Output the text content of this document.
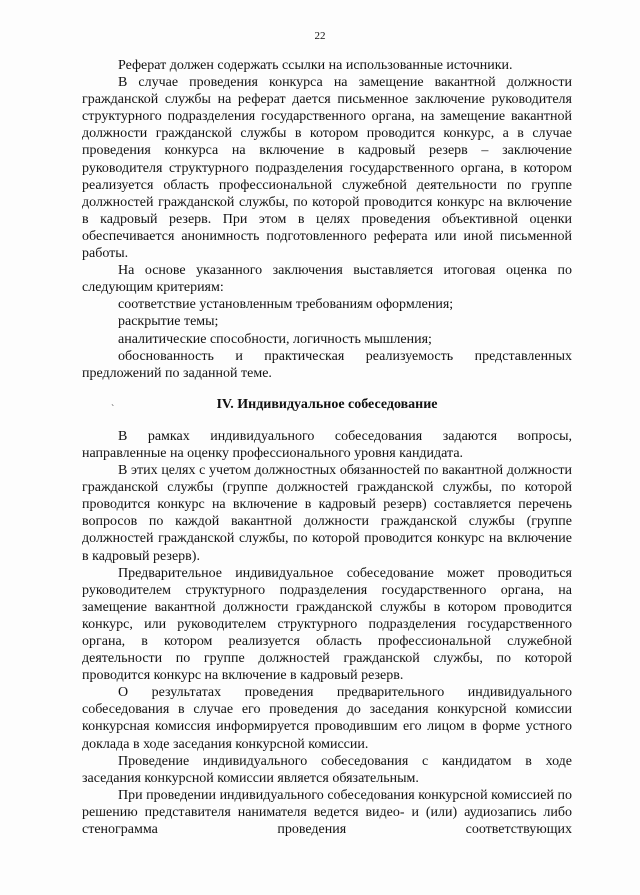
22
ˋ

Реферат должен содержать ссылки на использованные источники.

В случае проведения конкурса на замещение вакантной должности гражданской службы на реферат дается письменное заключение руководителя структурного подразделения государственного органа, на замещение вакантной должности гражданской службы в котором проводится конкурс, а в случае проведения конкурса на включение в кадровый резерв – заключение руководителя структурного подразделения государственного органа, в котором реализуется область профессиональной служебной деятельности по группе должностей гражданской службы, по которой проводится конкурс на включение в кадровый резерв. При этом в целях проведения объективной оценки обеспечивается анонимность подготовленного реферата или иной письменной работы.

На основе указанного заключения выставляется итоговая оценка по следующим критериям:

соответствие установленным требованиям оформления;

раскрытие темы;

аналитические способности, логичность мышления;

обоснованность и практическая реализуемость представленных предложений по заданной теме.

IV. Индивидуальное собеседование

В рамках индивидуального собеседования задаются вопросы, направленные на оценку профессионального уровня кандидата.

В этих целях с учетом должностных обязанностей по вакантной должности гражданской службы (группе должностей гражданской службы, по которой проводится конкурс на включение в кадровый резерв) составляется перечень вопросов по каждой вакантной должности гражданской службы (группе должностей гражданской службы, по которой проводится конкурс на включение в кадровый резерв).

Предварительное индивидуальное собеседование может проводиться руководителем структурного подразделения государственного органа, на замещение вакантной должности гражданской службы в котором проводится конкурс, или руководителем структурного подразделения государственного органа, в котором реализуется область профессиональной служебной деятельности по группе должностей гражданской службы, по которой проводится конкурс на включение в кадровый резерв.

О результатах проведения предварительного индивидуального собеседования в случае его проведения до заседания конкурсной комиссии конкурсная комиссия информируется проводившим его лицом в форме устного доклада в ходе заседания конкурсной комиссии.

Проведение индивидуального собеседования с кандидатом в ходе заседания конкурсной комиссии является обязательным.

При проведении индивидуального собеседования конкурсной комиссией по решению представителя нанимателя ведется видео- и (или) аудиозапись либо стенограмма проведения соответствующих
